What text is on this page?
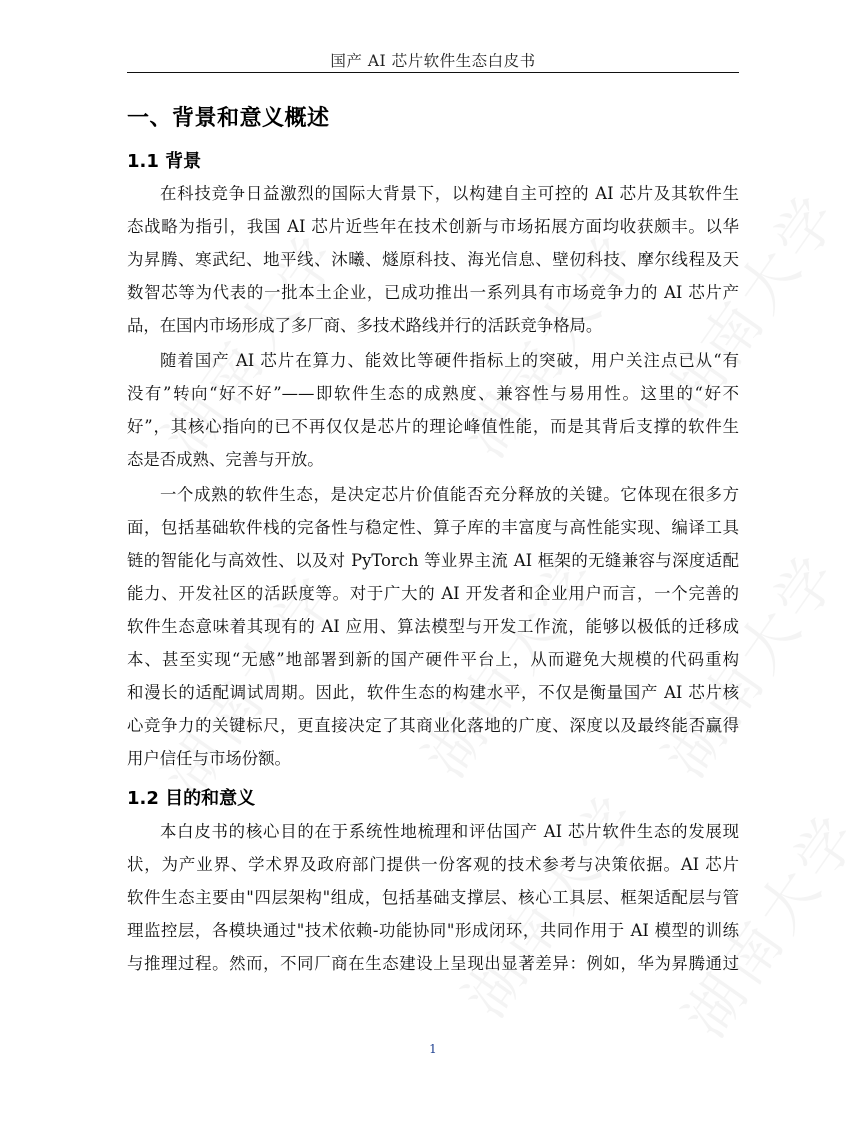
国产 AI 芯片软件生态白皮书
一、背景和意义概述
1.1 背景
在科技竞争日益激烈的国际大背景下，以构建自主可控的 AI 芯片及其软件生
态战略为指引，我国 AI 芯片近些年在技术创新与市场拓展方面均收获颇丰。以华
为昇腾、寒武纪、地平线、沐曦、燧原科技、海光信息、壁仞科技、摩尔线程及天
数智芯等为代表的一批本土企业，已成功推出一系列具有市场竞争力的 AI 芯片产
品，在国内市场形成了多厂商、多技术路线并行的活跃竞争格局。
随着国产 AI 芯片在算力、能效比等硬件指标上的突破，用户关注点已从“有
没有”转向“好不好”——即软件生态的成熟度、兼容性与易用性。这里的“好不
好”，其核心指向的已不再仅仅是芯片的理论峰值性能，而是其背后支撑的软件生
态是否成熟、完善与开放。
一个成熟的软件生态，是决定芯片价值能否充分释放的关键。它体现在很多方
面，包括基础软件栈的完备性与稳定性、算子库的丰富度与高性能实现、编译工具
链的智能化与高效性、以及对 PyTorch 等业界主流 AI 框架的无缝兼容与深度适配
能力、开发社区的活跃度等。对于广大的 AI 开发者和企业用户而言，一个完善的
软件生态意味着其现有的 AI 应用、算法模型与开发工作流，能够以极低的迁移成
本、甚至实现“无感”地部署到新的国产硬件平台上，从而避免大规模的代码重构
和漫长的适配调试周期。因此，软件生态的构建水平，不仅是衡量国产 AI 芯片核
心竞争力的关键标尺，更直接决定了其商业化落地的广度、深度以及最终能否赢得
用户信任与市场份额。
1.2 目的和意义
本白皮书的核心目的在于系统性地梳理和评估国产 AI 芯片软件生态的发展现
状，为产业界、学术界及政府部门提供一份客观的技术参考与决策依据。AI 芯片
软件生态主要由"四层架构"组成，包括基础支撑层、核心工具层、框架适配层与管
理监控层，各模块通过"技术依赖-功能协同"形成闭环，共同作用于 AI 模型的训练
与推理过程。然而，不同厂商在生态建设上呈现出显著差异：例如，华为昇腾通过
1
